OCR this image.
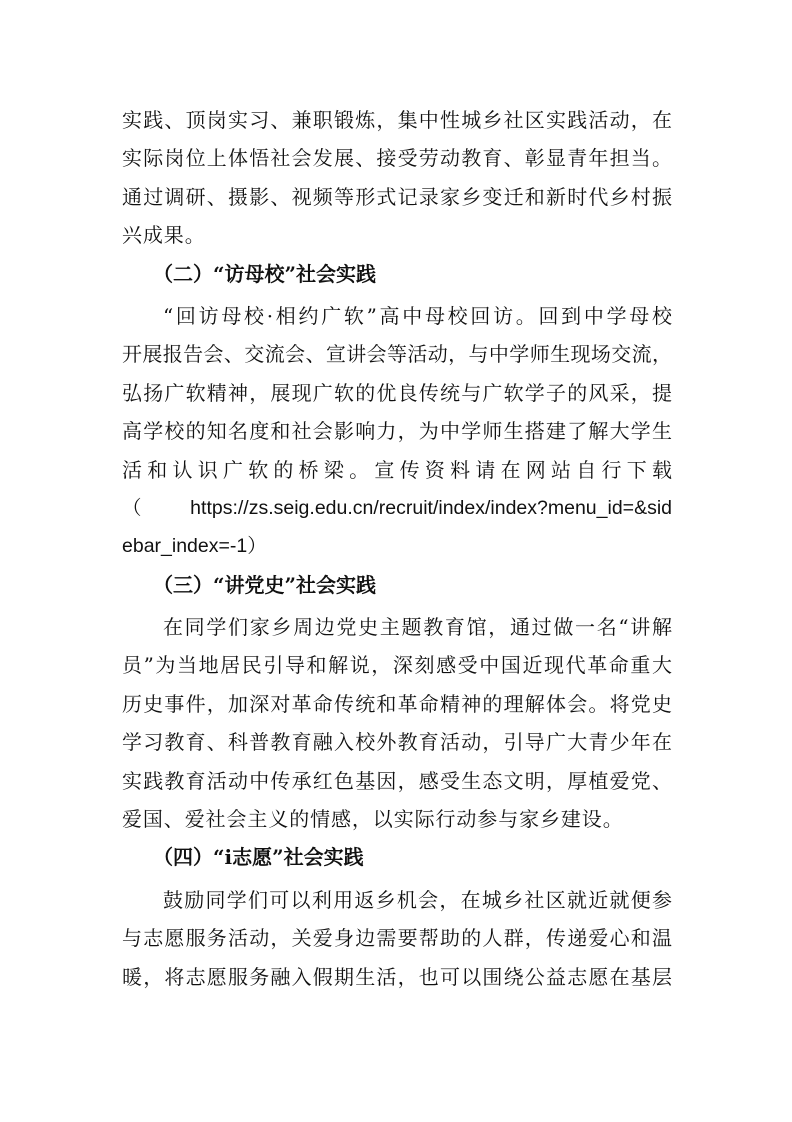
实践、顶岗实习、兼职锻炼，集中性城乡社区实践活动，在
实际岗位上体悟社会发展、接受劳动教育、彰显青年担当。
通过调研、摄影、视频等形式记录家乡变迁和新时代乡村振
兴成果。
（二）“访母校”社会实践
“回访母校·相约广软”高中母校回访。回到中学母校
开展报告会、交流会、宣讲会等活动，与中学师生现场交流，
弘扬广软精神，展现广软的优良传统与广软学子的风采，提
高学校的知名度和社会影响力，为中学师生搭建了解大学生
活和认识广软的桥梁。宣传资料请在网站自行下载
（ https://zs.seig.edu.cn/recruit/index/index?menu_id=&sid
ebar_index=-1）
（三）“讲党史”社会实践
在同学们家乡周边党史主题教育馆，通过做一名“讲解
员”为当地居民引导和解说，深刻感受中国近现代革命重大
历史事件，加深对革命传统和革命精神的理解体会。将党史
学习教育、科普教育融入校外教育活动，引导广大青少年在
实践教育活动中传承红色基因，感受生态文明，厚植爱党、
爱国、爱社会主义的情感，以实际行动参与家乡建设。
（四）“i志愿”社会实践
鼓励同学们可以利用返乡机会，在城乡社区就近就便参
与志愿服务活动，关爱身边需要帮助的人群，传递爱心和温
暖，将志愿服务融入假期生活，也可以围绕公益志愿在基层
